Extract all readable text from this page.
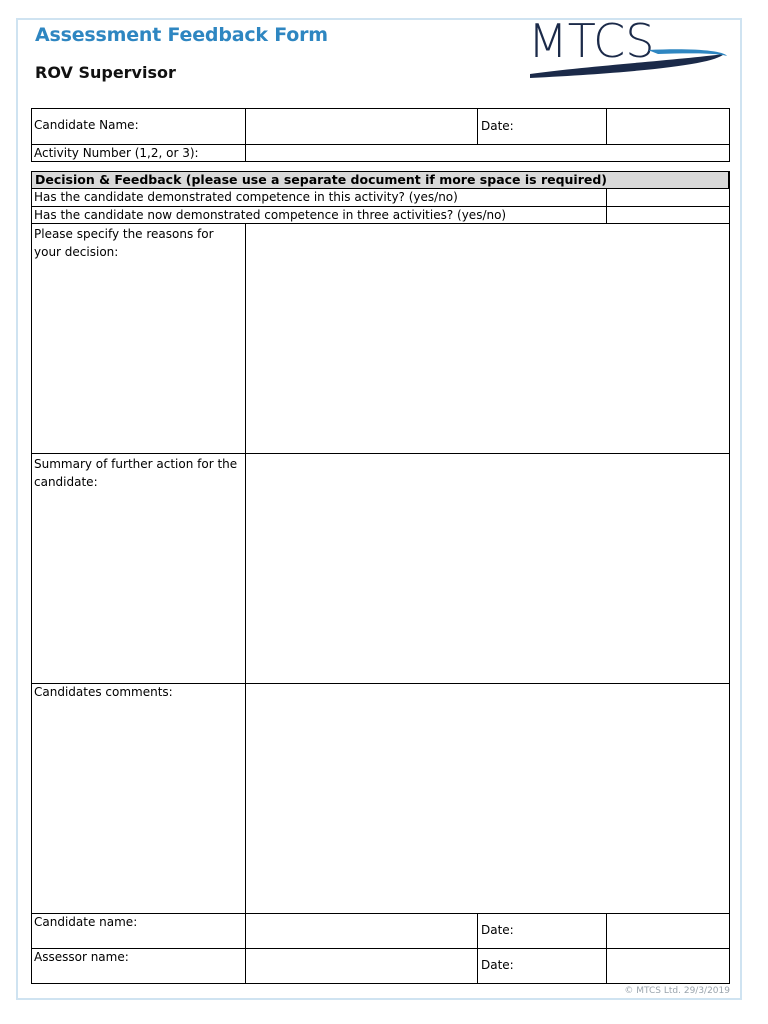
Assessment Feedback Form
ROV Supervisor
MTCS
Candidate Name:	Date:
Activity Number (1,2, or 3):
Decision & Feedback (please use a separate document if more space is required)
Has the candidate demonstrated competence in this activity? (yes/no)
Has the candidate now demonstrated competence in three activities? (yes/no)
Please specify the reasons for your decision:
Summary of further action for the candidate:
Candidates comments:
Candidate name:
Date:
Assessor name:
Date:
© MTCS Ltd. 29/3/2019
